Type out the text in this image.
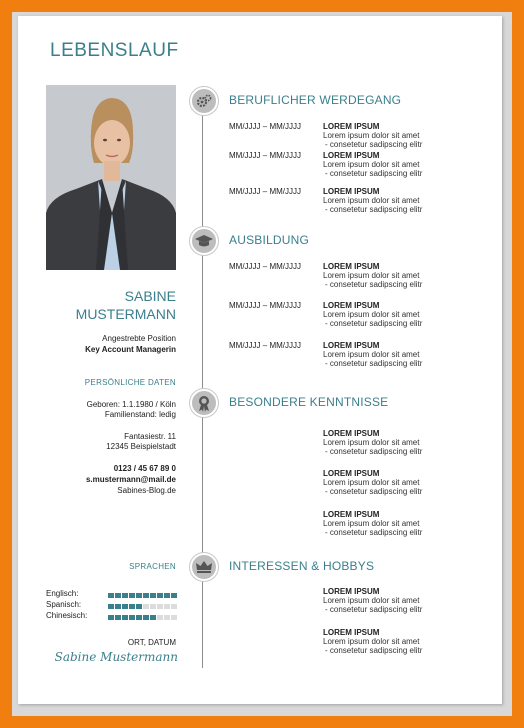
LEBENSLAUF
SABINE
MUSTERMANN
Angestrebte Position
Key Account Managerin
PERSÖNLICHE DATEN
Geboren: 1.1.1980 / Köln
Familienstand: ledig
Fantasiestr. 11
12345 Beispielstadt
0123 / 45 67 89 0
s.mustermann@mail.de
Sabines-Blog.de
SPRACHEN
Englisch:
Spanisch:
Chinesisch:
ORT, DATUM
Sabine Mustermann
BERUFLICHER WERDEGANG
AUSBILDUNG
BESONDERE KENNTNISSE
INTERESSEN & HOBBYS
MM/JJJJ – MM/JJJJ	LOREM IPSUM
Lorem ipsum dolor sit amet
- consetetur sadipscing elitr
MM/JJJJ – MM/JJJJ	LOREM IPSUM
Lorem ipsum dolor sit amet
- consetetur sadipscing elitr
MM/JJJJ – MM/JJJJ	LOREM IPSUM
Lorem ipsum dolor sit amet
- consetetur sadipscing elitr
MM/JJJJ – MM/JJJJ	LOREM IPSUM
Lorem ipsum dolor sit amet
- consetetur sadipscing elitr
MM/JJJJ – MM/JJJJ	LOREM IPSUM
Lorem ipsum dolor sit amet
- consetetur sadipscing elitr
MM/JJJJ – MM/JJJJ	LOREM IPSUM
Lorem ipsum dolor sit amet
- consetetur sadipscing elitr
LOREM IPSUM
Lorem ipsum dolor sit amet
- consetetur sadipscing elitr
LOREM IPSUM
Lorem ipsum dolor sit amet
- consetetur sadipscing elitr
LOREM IPSUM
Lorem ipsum dolor sit amet
- consetetur sadipscing elitr
LOREM IPSUM
Lorem ipsum dolor sit amet
- consetetur sadipscing elitr
LOREM IPSUM
Lorem ipsum dolor sit amet
- consetetur sadipscing elitr
